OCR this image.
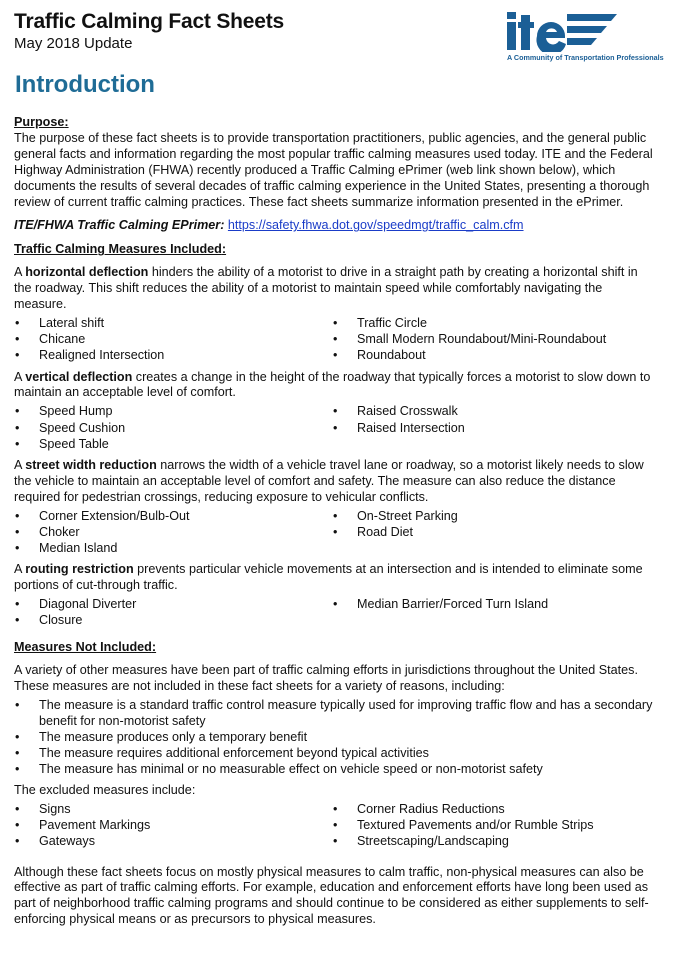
A Community of Transportation Professionals
Traffic Calming Fact Sheets
May 2018 Update
Introduction
Purpose:

The purpose of these fact sheets is to provide transportation practitioners, public agencies, and the general public general facts and information regarding the most popular traffic calming measures used today. ITE and the Federal Highway Administration (FHWA) recently produced a Traffic Calming ePrimer (web link shown below), which documents the results of several decades of traffic calming experience in the United States, presenting a thorough review of current traffic calming practices. These fact sheets summarize information presented in the ePrimer.

ITE/FHWA Traffic Calming EPrimer: https://safety.fhwa.dot.gov/speedmgt/traffic_calm.cfm
Traffic Calming Measures Included:

A horizontal deflection hinders the ability of a motorist to drive in a straight path by creating a horizontal shift in the roadway. This shift reduces the ability of a motorist to maintain speed while comfortably navigating the measure.

• Lateral shift	• Traffic Circle
• Chicane	• Small Modern Roundabout/Mini-Roundabout
• Realigned Intersection	• Roundabout

A vertical deflection creates a change in the height of the roadway that typically forces a motorist to slow down to maintain an acceptable level of comfort.

• Speed Hump	• Raised Crosswalk
• Speed Cushion	• Raised Intersection
• Speed Table

A street width reduction narrows the width of a vehicle travel lane or roadway, so a motorist likely needs to slow the vehicle to maintain an acceptable level of comfort and safety. The measure can also reduce the distance required for pedestrian crossings, reducing exposure to vehicular conflicts.

• Corner Extension/Bulb-Out	• On-Street Parking
• Choker	• Road Diet
• Median Island

A routing restriction prevents particular vehicle movements at an intersection and is intended to eliminate some portions of cut-through traffic.

• Diagonal Diverter	• Median Barrier/Forced Turn Island
• Closure
Measures Not Included:

A variety of other measures have been part of traffic calming efforts in jurisdictions throughout the United States. These measures are not included in these fact sheets for a variety of reasons, including:

• The measure is a standard traffic control measure typically used for improving traffic flow and has a secondary benefit for non-motorist safety
• The measure produces only a temporary benefit
• The measure requires additional enforcement beyond typical activities
• The measure has minimal or no measurable effect on vehicle speed or non-motorist safety

The excluded measures include:

• Signs	• Corner Radius Reductions
• Pavement Markings	• Textured Pavements and/or Rumble Strips
• Gateways	• Streetscaping/Landscaping

Although these fact sheets focus on mostly physical measures to calm traffic, non-physical measures can also be effective as part of traffic calming efforts. For example, education and enforcement efforts have long been used as part of neighborhood traffic calming programs and should continue to be considered as either supplements to self-enforcing physical means or as precursors to physical measures.
